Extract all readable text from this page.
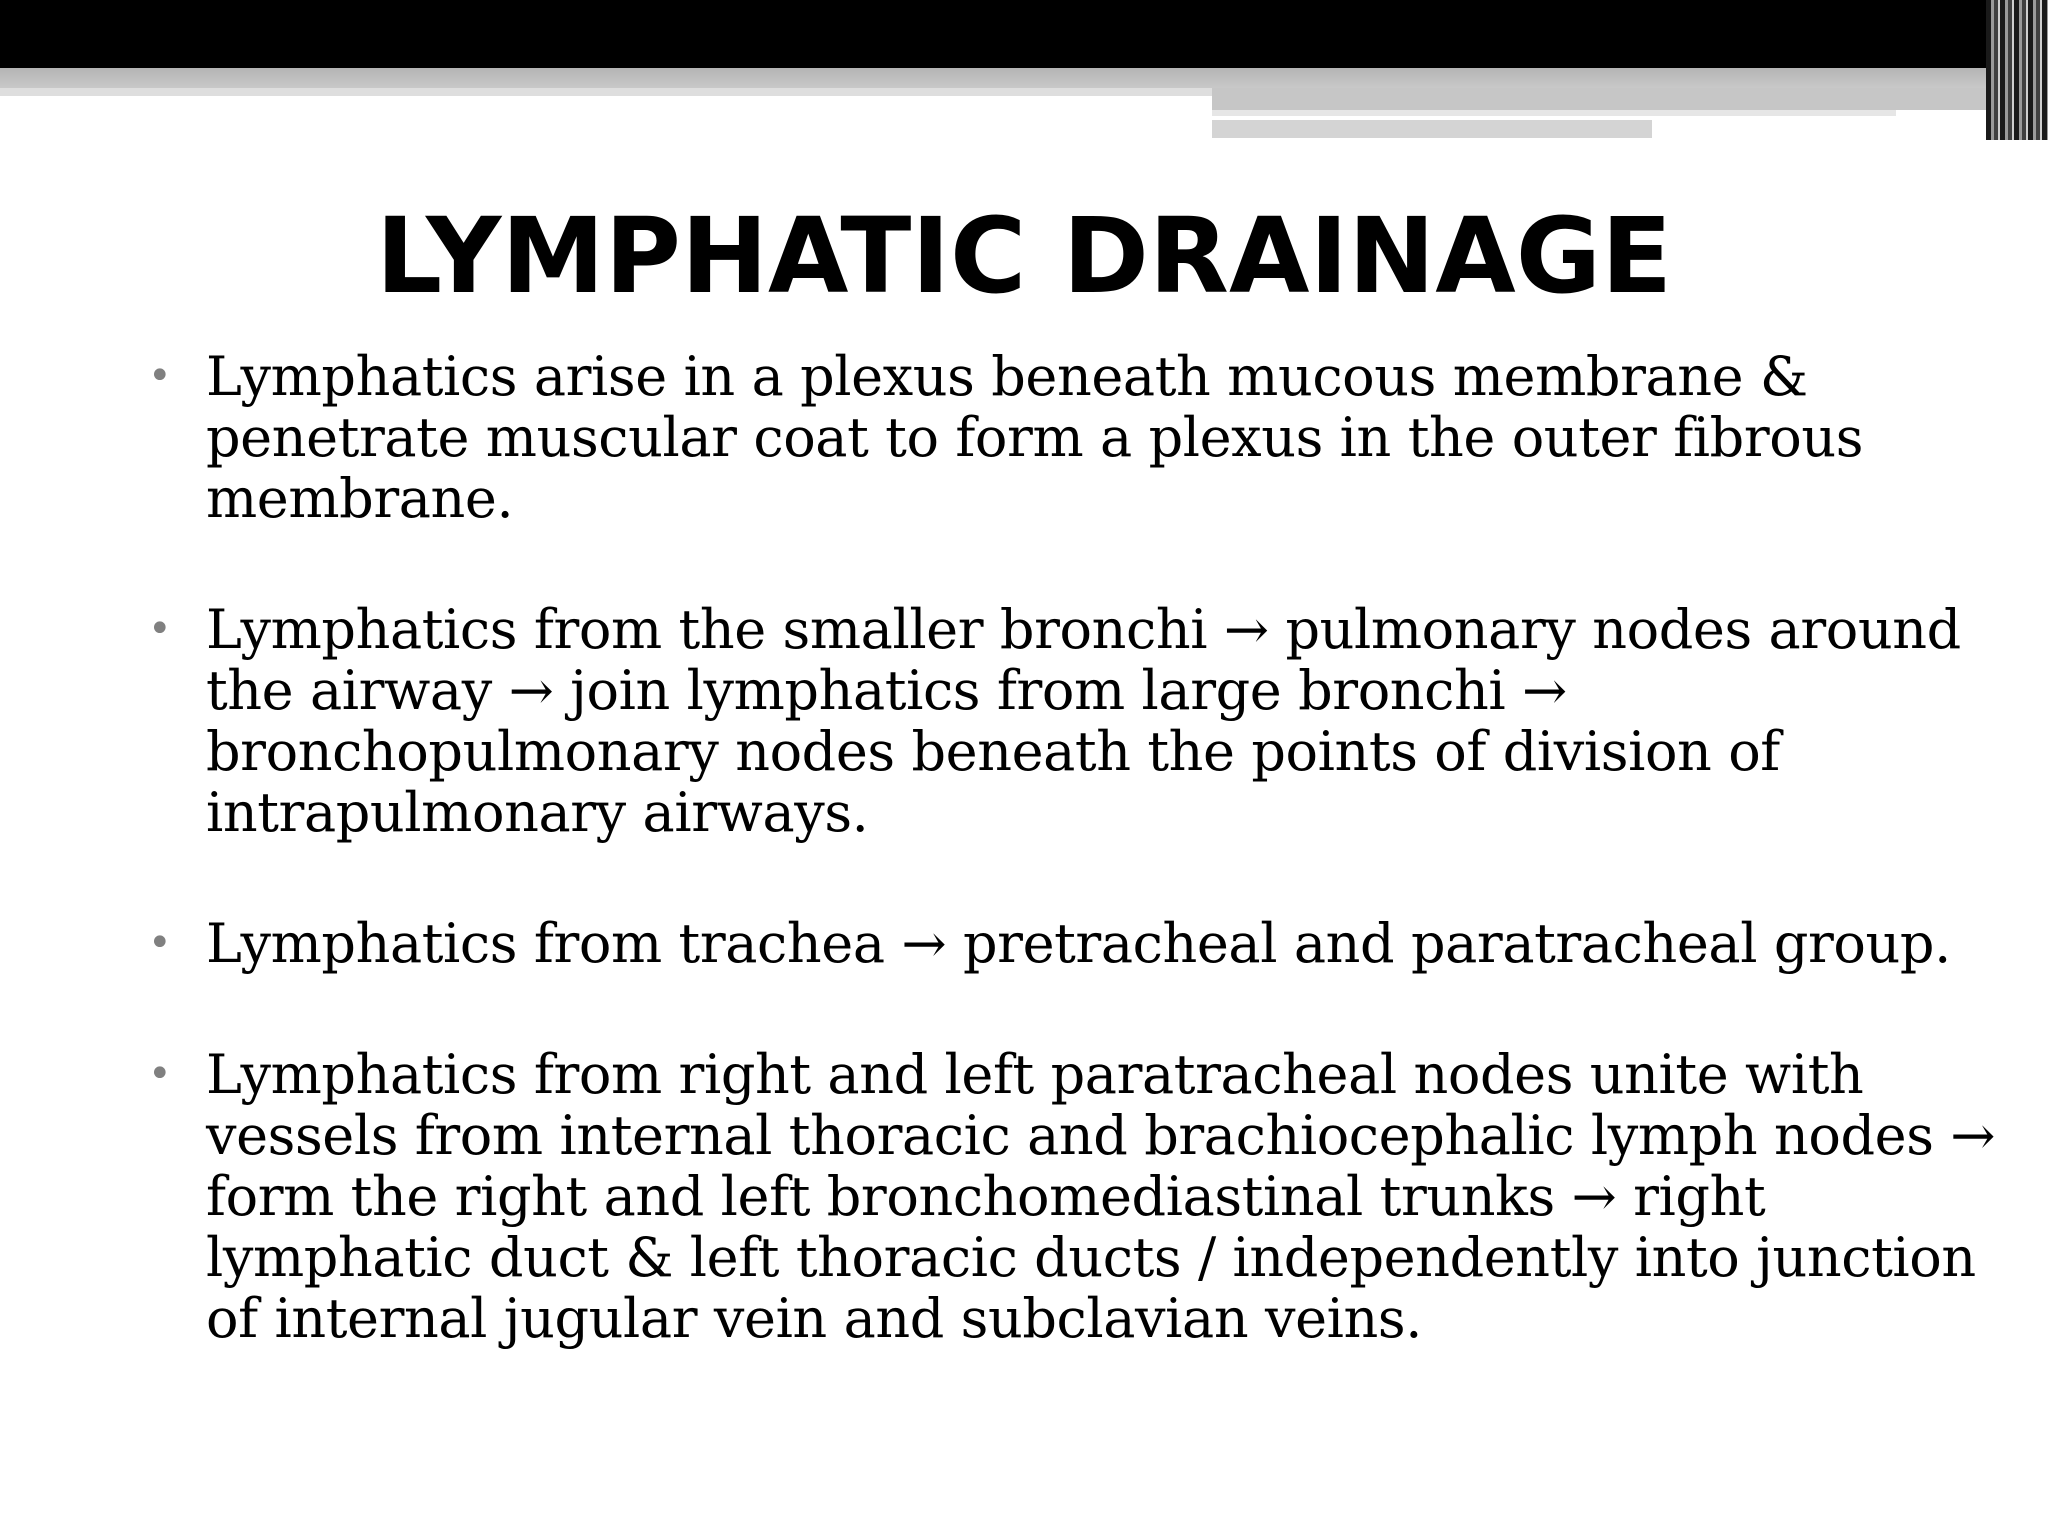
LYMPHATIC DRAINAGE
• Lymphatics arise in a plexus beneath mucous membrane & penetrate muscular coat to form a plexus in the outer fibrous membrane.
• Lymphatics from the smaller bronchi → pulmonary nodes around the airway → join lymphatics from large bronchi → bronchopulmonary nodes beneath the points of division of intrapulmonary airways.
• Lymphatics from trachea → pretracheal and paratracheal group.
• Lymphatics from right and left paratracheal nodes unite with vessels from internal thoracic and brachiocephalic lymph nodes → form the right and left bronchomediastinal trunks → right lymphatic duct & left thoracic ducts / independently into junction of internal jugular vein and subclavian veins.
